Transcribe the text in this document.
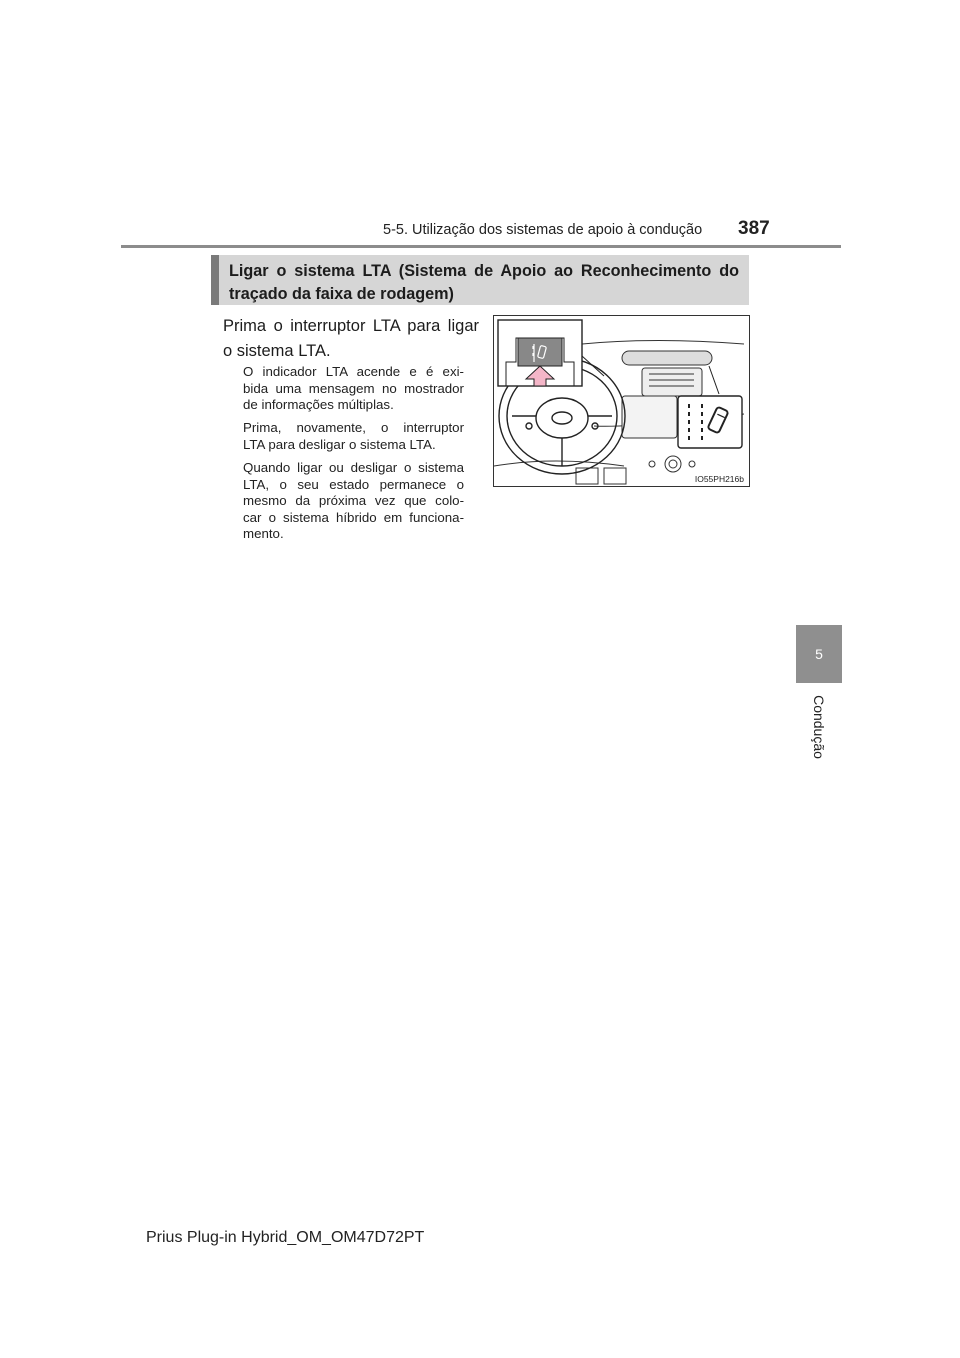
5-5. Utilização dos sistemas de apoio à condução 387
5
Condução
Ligar o sistema LTA (Sistema de Apoio ao Reconhecimento do
traçado da faixa de rodagem)
Prima o interruptor LTA para ligar
o sistema LTA.
O indicador LTA acende e é exi-
bida uma mensagem no mostrador
de informações múltiplas.
Prima, novamente, o interruptor
LTA para desligar o sistema LTA.
Quando ligar ou desligar o sistema
LTA, o seu estado permanece o
mesmo da próxima vez que colo-
car o sistema híbrido em funciona-
mento.
IO55PH216b
Prius Plug-in Hybrid_OM_OM47D72PT
